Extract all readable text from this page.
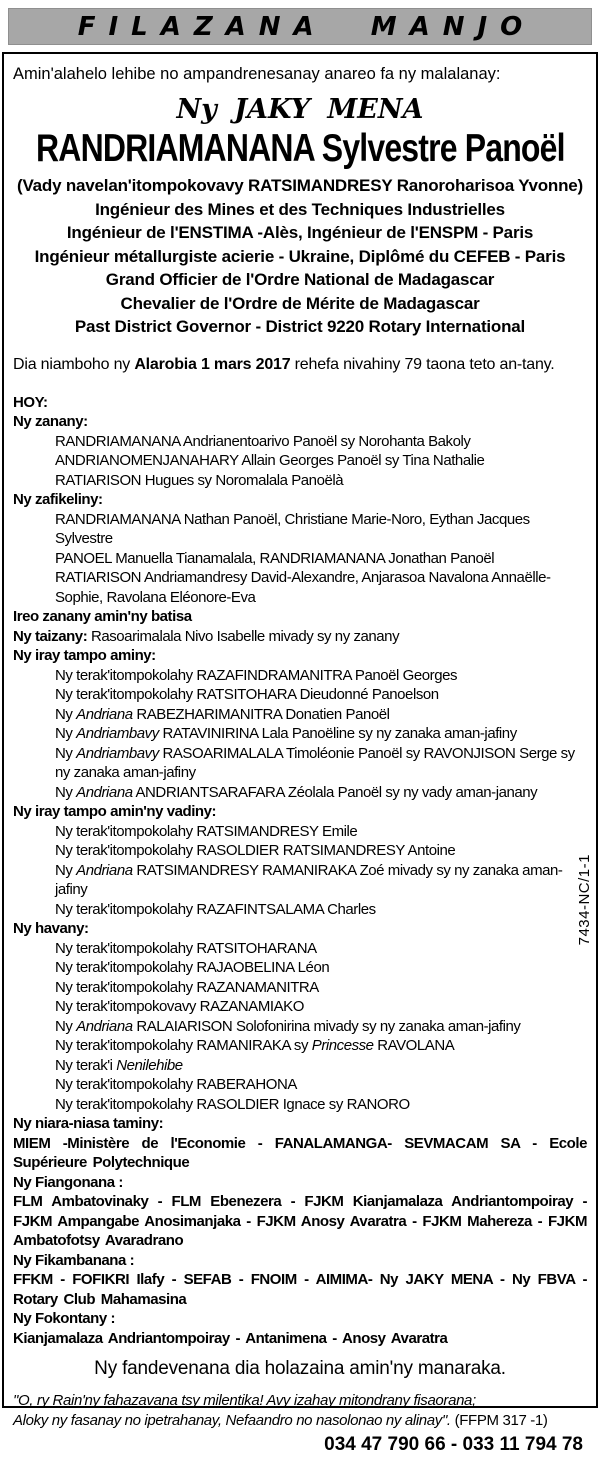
FILAZANA MANJO
Amin'alahelo lehibe no ampandrenesanay anareo fa ny malalanay:
Ny JAKY MENA
RANDRIAMANANA Sylvestre Panoël
(Vady navelan'itompokovavy RATSIMANDRESY Ranoroharisoa Yvonne)
Ingénieur des Mines et des Techniques Industrielles
Ingénieur de l'ENSTIMA -Alès, Ingénieur de l'ENSPM - Paris
Ingénieur métallurgiste acierie - Ukraine, Diplômé du CEFEB - Paris
Grand Officier de l'Ordre National de Madagascar
Chevalier de l'Ordre de Mérite de Madagascar
Past District Governor - District 9220 Rotary International
Dia niamboho ny Alarobia 1 mars 2017 rehefa nivahiny 79 taona teto an-tany.
HOY:
Ny zanany:
RANDRIAMANANA Andrianentoarivo Panoël sy Norohanta Bakoly
ANDRIANOMENJANAHARY Allain Georges Panoël sy Tina Nathalie
RATIARISON Hugues sy Noromalala Panoëlà
Ny zafikeliny:
RANDRIAMANANA Nathan Panoël, Christiane Marie-Noro, Eythan Jacques Sylvestre
PANOEL Manuella Tianamalala, RANDRIAMANANA Jonathan Panoël
RATIARISON Andriamandresy David-Alexandre, Anjarasoa Navalona Annaëlle-Sophie, Ravolana Eléonore-Eva
Ireo zanany amin'ny batisa
Ny taizany: Rasoarimalala Nivo Isabelle mivady sy ny zanany
Ny iray tampo aminy:
Ny terak'itompokolahy RAZAFINDRAMANITRA Panoël Georges
Ny terak'itompokolahy RATSITOHARA Dieudonné Panoelson
Ny Andriana RABEZHARIMANITRA Donatien Panoël
Ny Andriambavy RATAVINIRINA Lala Panoëline sy ny zanaka aman-jafiny
Ny Andriambavy RASOARIMALALA Timoléonie Panoël sy RAVONJISON Serge sy ny zanaka aman-jafiny
Ny Andriana ANDRIANTSARAFARA Zéolala Panoël sy ny vady aman-janany
Ny iray tampo amin'ny vadiny:
Ny terak'itompokolahy RATSIMANDRESY Emile
Ny terak'itompokolahy RASOLDIER RATSIMANDRESY Antoine
Ny Andriana RATSIMANDRESY RAMANIRAKA Zoé mivady sy ny zanaka aman-jafiny
Ny terak'itompokolahy RAZAFINTSALAMA Charles
Ny havany:
Ny terak'itompokolahy RATSITOHARANA
Ny terak'itompokolahy RAJAOBELINA Léon
Ny terak'itompokolahy RAZANAMANITRA
Ny terak'itompokovavy RAZANAMIAKO
Ny Andriana RALAIARISON Solofonirina mivady sy ny zanaka aman-jafiny
Ny terak'itompokolahy RAMANIRAKA sy Princesse RAVOLANA
Ny terak'i Nenilehibe
Ny terak'itompokolahy RABERAHONA
Ny terak'itompokolahy RASOLDIER Ignace sy RANORO
Ny niara-niasa taminy:
MIEM -Ministère de l'Economie - FANALAMANGA- SEVMACAM SA - Ecole Supérieure Polytechnique
Ny Fiangonana :
FLM Ambatovinaky - FLM Ebenezera - FJKM Kianjamalaza Andriantompoiray - FJKM Ampangabe Anosimanjaka - FJKM Anosy Avaratra - FJKM Mahereza - FJKM Ambatofotsy Avaradrano
Ny Fikambanana :
FFKM - FOFIKRI Ilafy - SEFAB - FNOIM - AIMIMA- Ny JAKY MENA - Ny FBVA - Rotary Club Mahamasina
Ny Fokontany :
Kianjamalaza Andriantompoiray - Antanimena - Anosy Avaratra
Ny fandevenana dia holazaina amin'ny manaraka.
"O, ry Rain'ny fahazavana tsy milentika! Avy izahay mitondrany fisaorana;
Aloky ny fasanay no ipetrahanay, Nefaandro no nasolonao ny alinay". (FFPM 317 -1)
034 47 790 66 - 033 11 794 78
7434-NC/1-1
